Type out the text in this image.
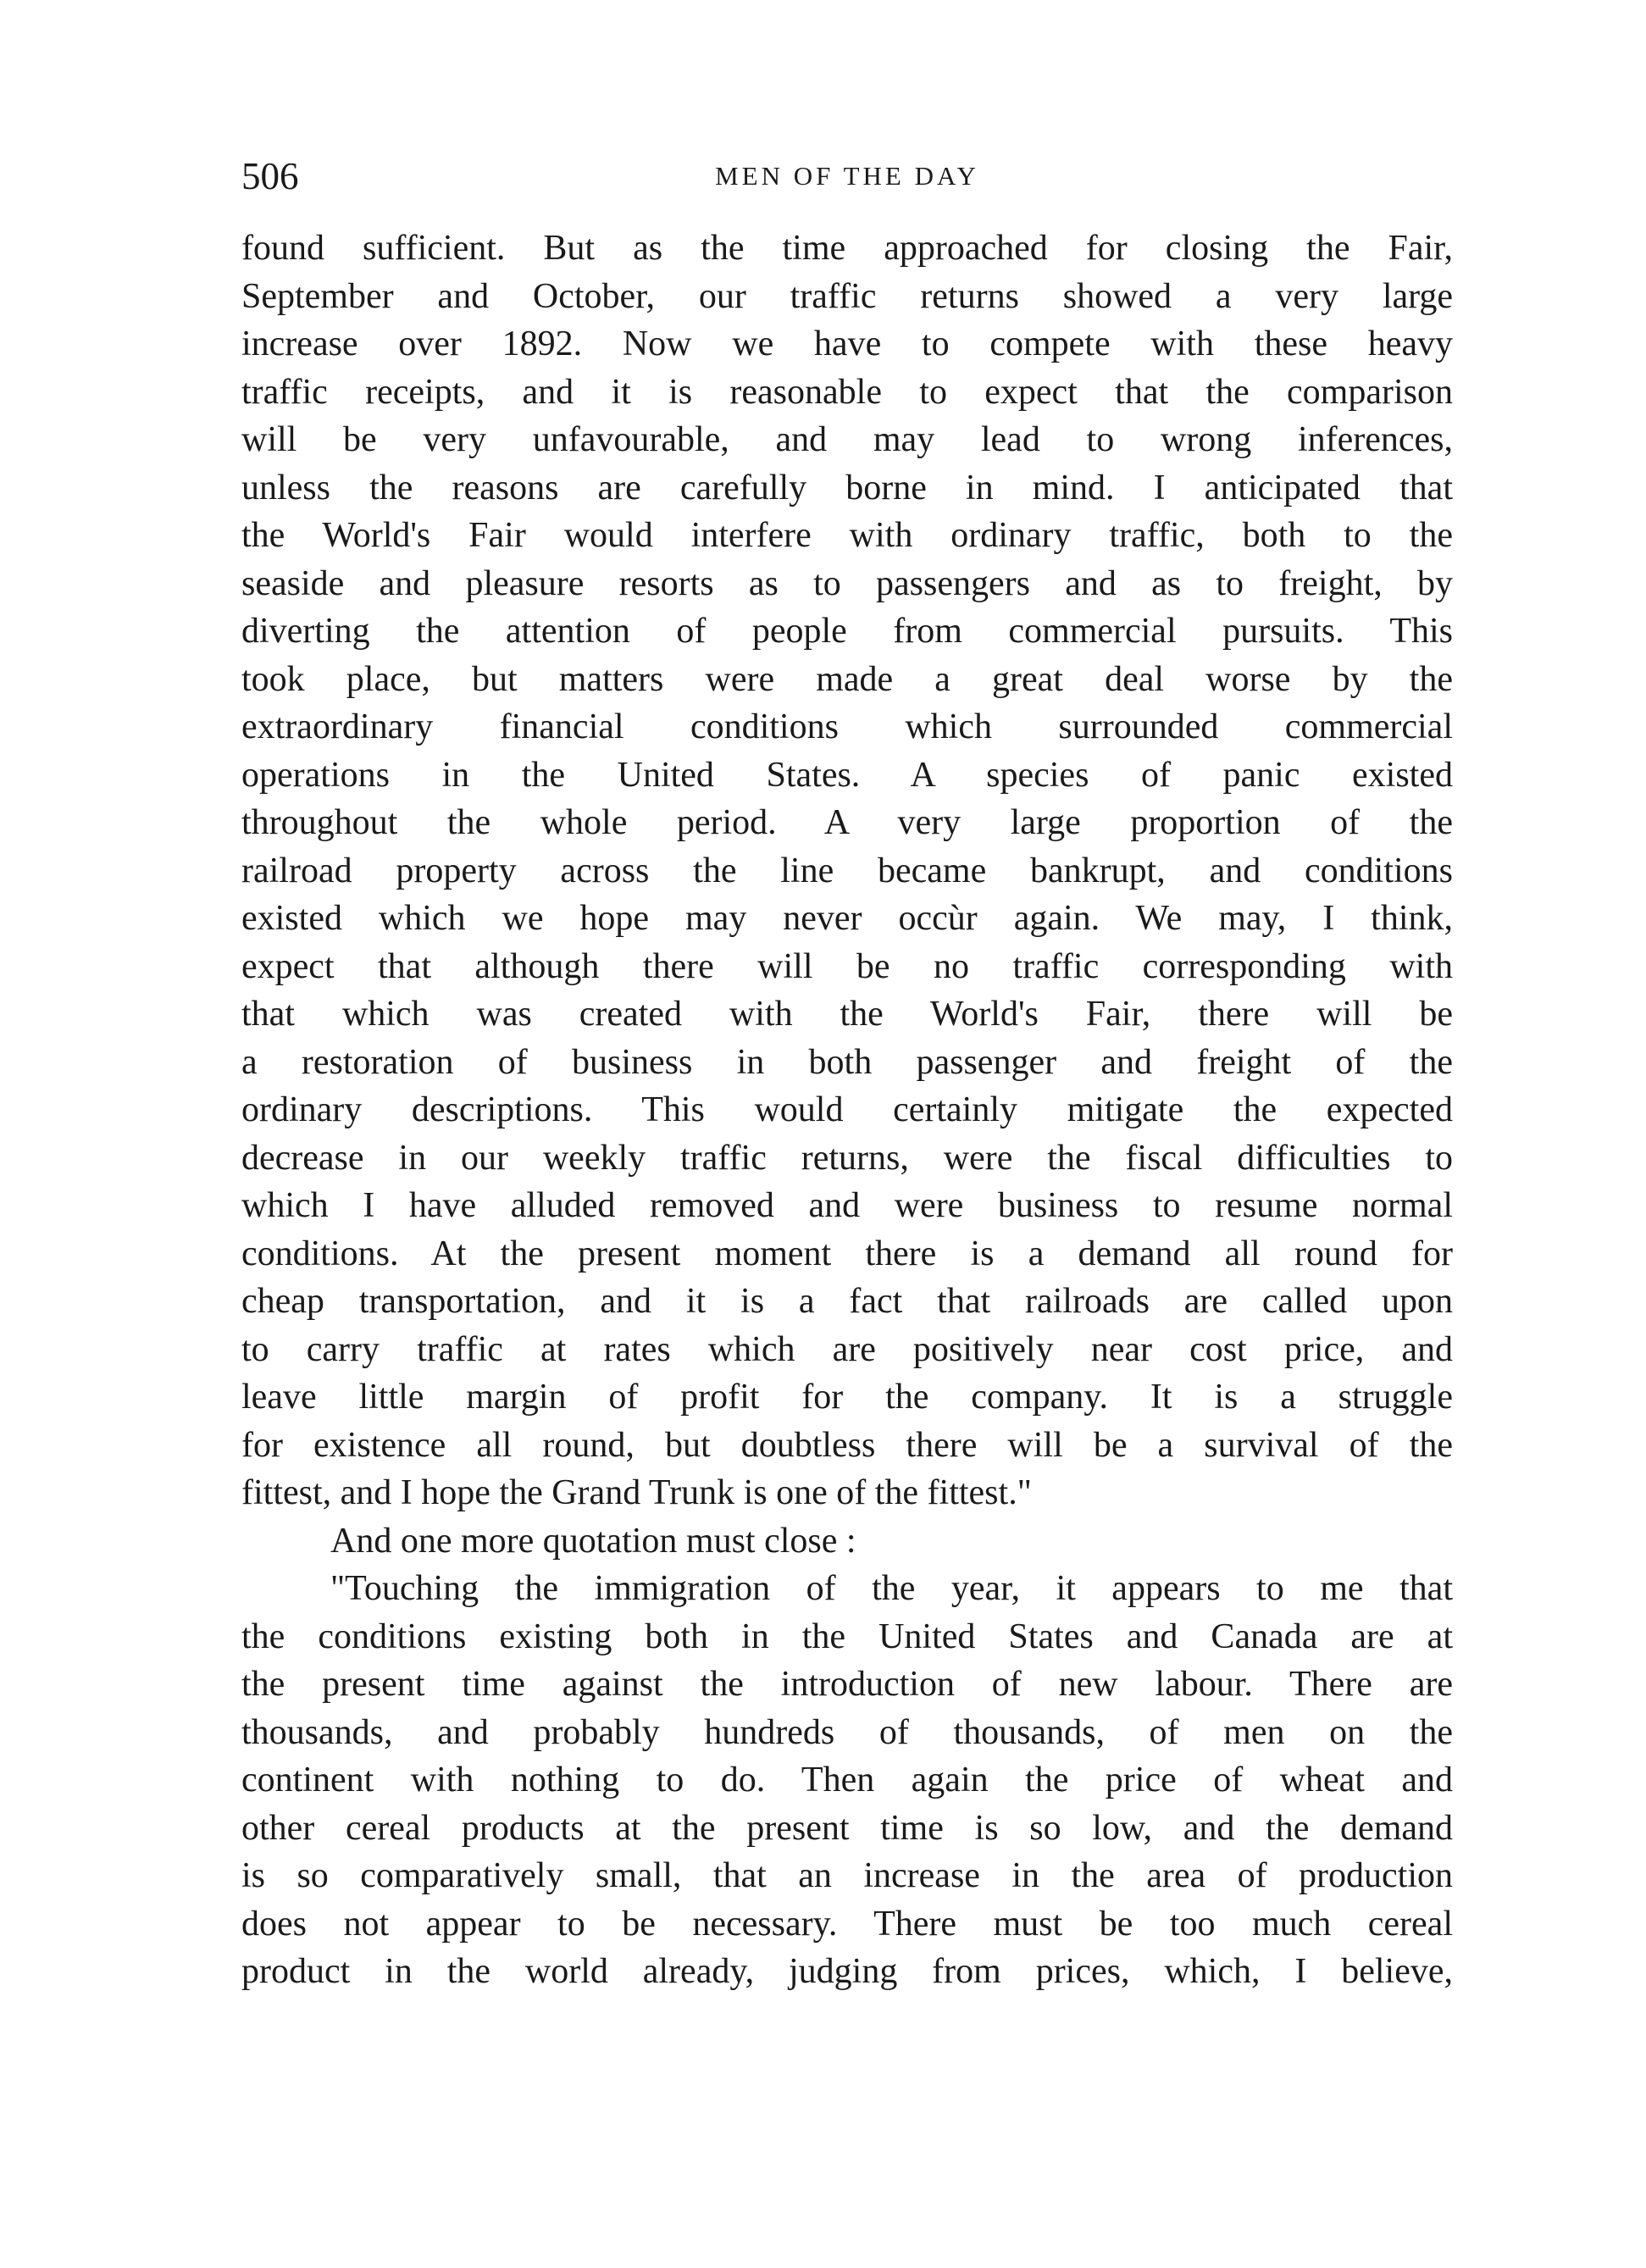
506	MEN OF THE DAY
found sufficient. But as the time approached for closing the Fair,
September and October, our traffic returns showed a very large
increase over 1892. Now we have to compete with these heavy
traffic receipts, and it is reasonable to expect that the comparison
will be very unfavourable, and may lead to wrong inferences,
unless the reasons are carefully borne in mind. I anticipated that
the World's Fair would interfere with ordinary traffic, both to the
seaside and pleasure resorts as to passengers and as to freight, by
diverting the attention of people from commercial pursuits. This
took place, but matters were made a great deal worse by the
extraordinary financial conditions which surrounded commercial
operations in the United States. A species of panic existed
throughout the whole period. A very large proportion of the
railroad property across the line became bankrupt, and conditions
existed which we hope may never occùr again. We may, I think,
expect that although there will be no traffic corresponding with
that which was created with the World's Fair, there will be
a restoration of business in both passenger and freight of the
ordinary descriptions. This would certainly mitigate the expected
decrease in our weekly traffic returns, were the fiscal difficulties to
which I have alluded removed and were business to resume normal
conditions. At the present moment there is a demand all round for
cheap transportation, and it is a fact that railroads are called upon
to carry traffic at rates which are positively near cost price, and
leave little margin of profit for the company. It is a struggle
for existence all round, but doubtless there will be a survival of the
fittest, and I hope the Grand Trunk is one of the fittest."
And one more quotation must close :
"Touching the immigration of the year, it appears to me that
the conditions existing both in the United States and Canada are at
the present time against the introduction of new labour. There are
thousands, and probably hundreds of thousands, of men on the
continent with nothing to do. Then again the price of wheat and
other cereal products at the present time is so low, and the demand
is so comparatively small, that an increase in the area of production
does not appear to be necessary. There must be too much cereal
product in the world already, judging from prices, which, I believe,
